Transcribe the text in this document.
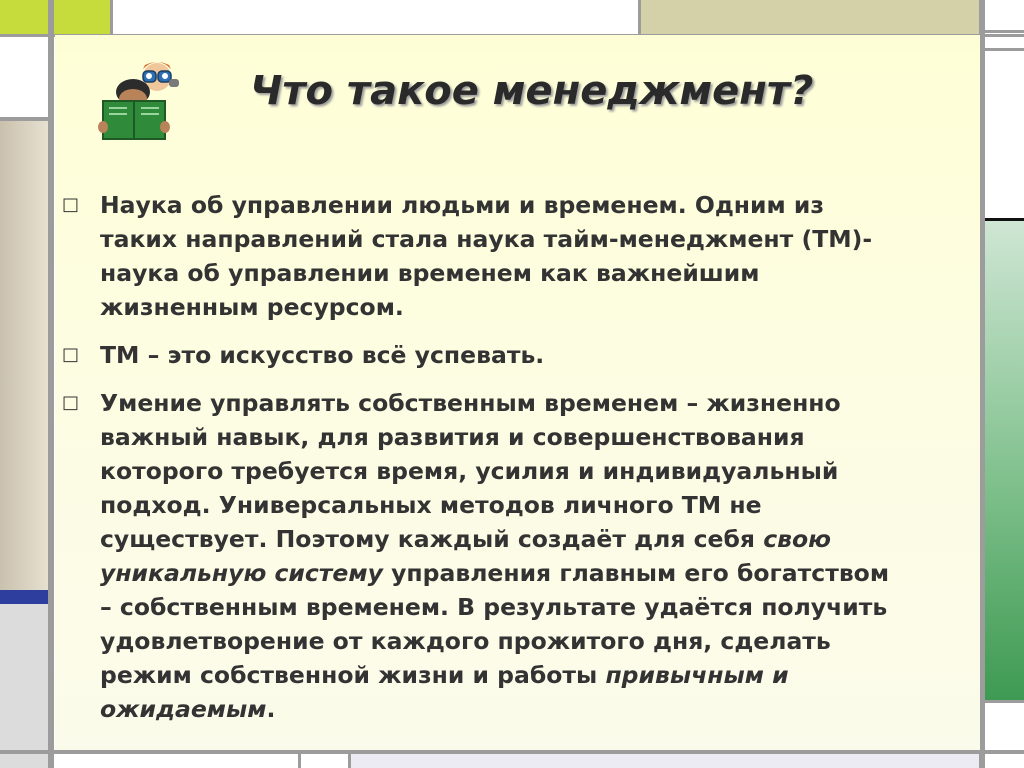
Что такое менеджмент?
□ Наука об управлении людьми и временем. Одним из
таких направлений стала наука тайм-менеджмент (ТМ)-
наука об управлении временем как важнейшим
жизненным ресурсом.
□ ТМ – это искусство всё успевать.
□ Умение управлять собственным временем – жизненно
важный навык, для развития и совершенствования
которого требуется время, усилия и индивидуальный
подход. Универсальных методов личного ТМ не
существует. Поэтому каждый создаёт для себя свою
уникальную систему управления главным его богатством
– собственным временем. В результате удаётся получить
удовлетворение от каждого прожитого дня, сделать
режим собственной жизни и работы привычным и
ожидаемым.
